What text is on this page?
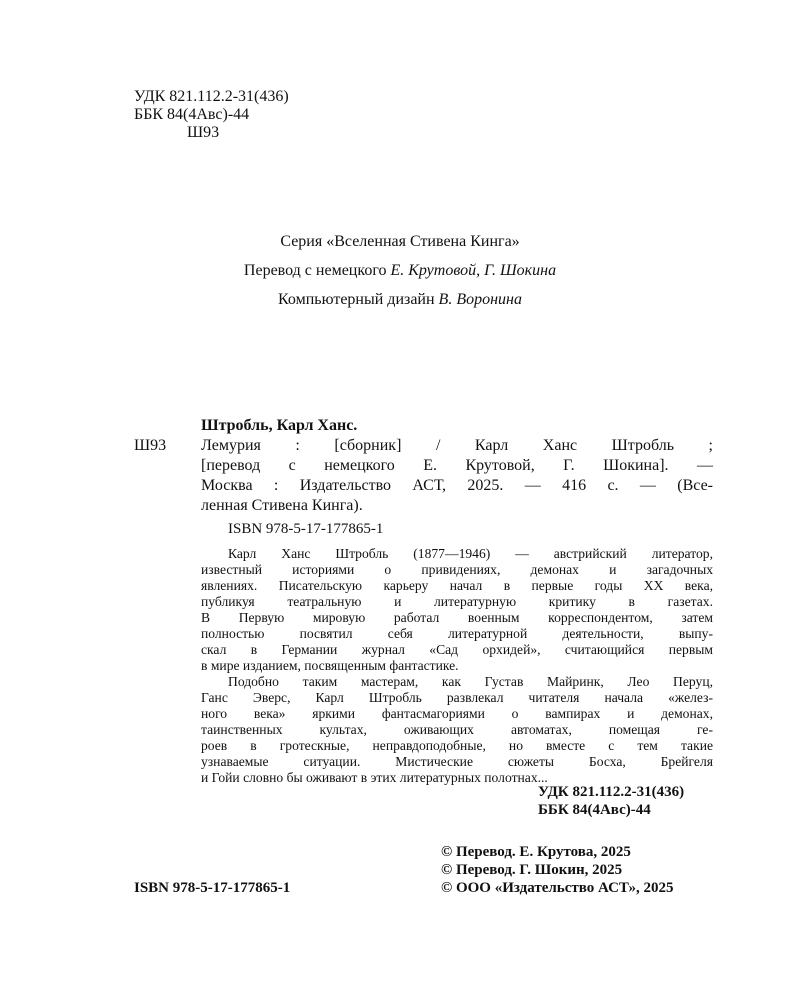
УДК 821.112.2-31(436)
ББК 84(4Авс)-44
Ш93
Серия «Вселенная Стивена Кинга»
Перевод с немецкого Е. Крутовой, Г. Шокина
Компьютерный дизайн В. Воронина
Штробль, Карл Ханс.
Ш93 Лемурия : [сборник] / Карл Ханс Штробль ;
[перевод с немецкого Е. Крутовой, Г. Шокина]. —
Москва : Издательство АСТ, 2025. — 416 с. — (Все-
ленная Стивена Кинга).
ISBN 978-5-17-177865-1
Карл Ханс Штробль (1877—1946) — австрийский литератор,
известный историями о привидениях, демонах и загадочных
явлениях. Писательскую карьеру начал в первые годы XX века,
публикуя театральную и литературную критику в газетах.
В Первую мировую работал военным корреспондентом, затем
полностью посвятил себя литературной деятельности, выпу-
скал в Германии журнал «Сад орхидей», считающийся первым
в мире изданием, посвященным фантастике.
Подобно таким мастерам, как Густав Майринк, Лео Перуц,
Ганс Эверс, Карл Штробль развлекал читателя начала «желез-
ного века» яркими фантасмагориями о вампирах и демонах,
таинственных культах, оживающих автоматах, помещая ге-
роев в гротескные, неправдоподобные, но вместе с тем такие
узнаваемые ситуации. Мистические сюжеты Босха, Брейгеля
и Гойи словно бы оживают в этих литературных полотнах...
УДК 821.112.2-31(436)
ББК 84(4Авс)-44
ISBN 978-5-17-177865-1
© Перевод. Е. Крутова, 2025
© Перевод. Г. Шокин, 2025
© ООО «Издательство АСТ», 2025
